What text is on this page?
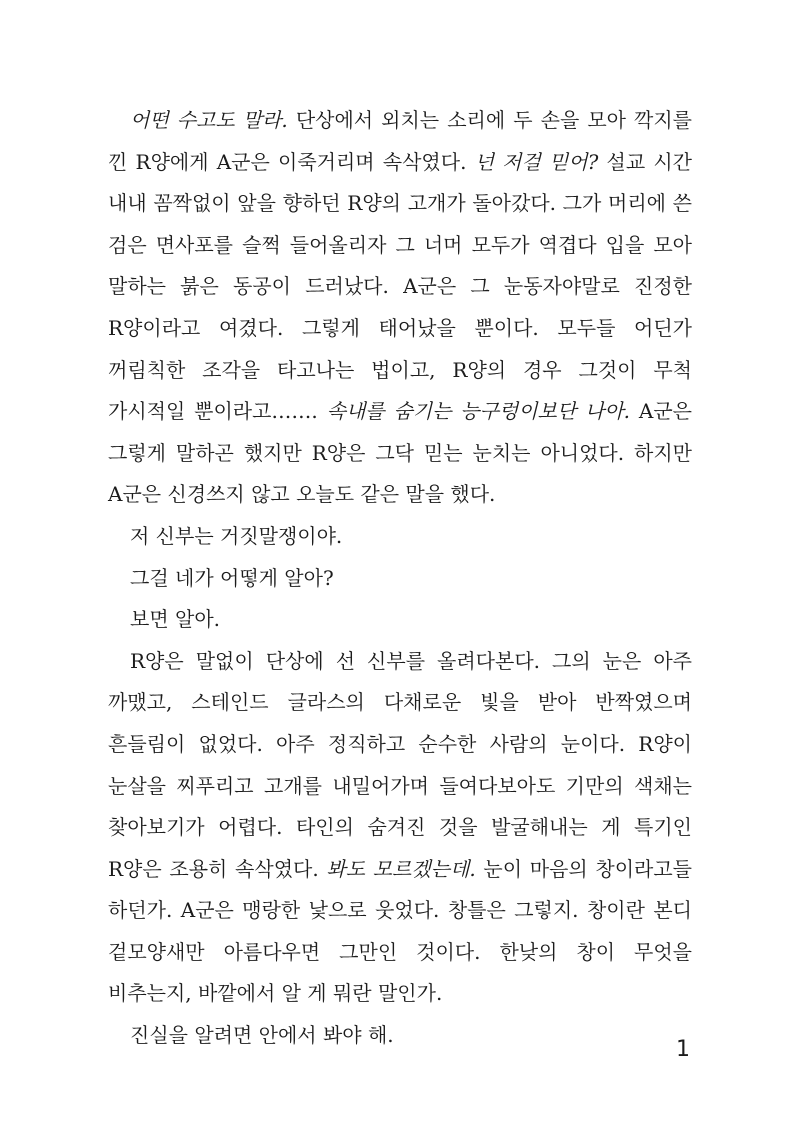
어떤 수고도 말라. 단상에서 외치는 소리에 두 손을 모아 깍지를 낀 R양에게 A군은 이죽거리며 속삭였다. 넌 저걸 믿어? 설교 시간 내내 꼼짝없이 앞을 향하던 R양의 고개가 돌아갔다. 그가 머리에 쓴 검은 면사포를 슬쩍 들어올리자 그 너머 모두가 역겹다 입을 모아 말하는 붉은 동공이 드러났다. A군은 그 눈동자야말로 진정한 R양이라고 여겼다. 그렇게 태어났을 뿐이다. 모두들 어딘가 꺼림칙한 조각을 타고나는 법이고, R양의 경우 그것이 무척 가시적일 뿐이라고……. 속내를 숨기는 능구렁이보단 나아. A군은 그렇게 말하곤 했지만 R양은 그닥 믿는 눈치는 아니었다. 하지만 A군은 신경쓰지 않고 오늘도 같은 말을 했다.

저 신부는 거짓말쟁이야.

그걸 네가 어떻게 알아?

보면 알아.

R양은 말없이 단상에 선 신부를 올려다본다. 그의 눈은 아주 까맸고, 스테인드 글라스의 다채로운 빛을 받아 반짝였으며 흔들림이 없었다. 아주 정직하고 순수한 사람의 눈이다. R양이 눈살을 찌푸리고 고개를 내밀어가며 들여다보아도 기만의 색채는 찾아보기가 어렵다. 타인의 숨겨진 것을 발굴해내는 게 특기인 R양은 조용히 속삭였다. 봐도 모르겠는데. 눈이 마음의 창이라고들 하던가. A군은 맹랑한 낯으로 웃었다. 창틀은 그렇지. 창이란 본디 겉모양새만 아름다우면 그만인 것이다. 한낮의 창이 무엇을 비추는지, 바깥에서 알 게 뭐란 말인가.

진실을 알려면 안에서 봐야 해.

1
